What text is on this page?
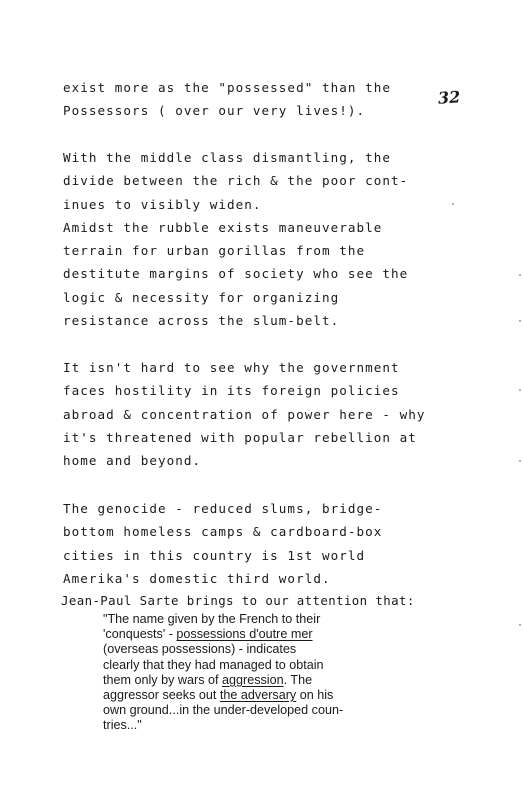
32
exist more as the "possessed" than the
Possessors ( over our very lives!).
With the middle class dismantling, the
divide between the rich & the poor cont-
inues to visibly widen.
Amidst the rubble exists maneuverable
terrain for urban gorillas from the
destitute margins of society who see the
logic & necessity for organizing
resistance across the slum-belt.
It isn't hard to see why the government
faces hostility in its foreign policies
abroad & concentration of power here - why
it's threatened with popular rebellion at
home and beyond.
The genocide - reduced slums, bridge-
bottom homeless camps & cardboard-box
cities in this country is 1st world
Amerika's domestic third world.
Jean-Paul Sarte brings to our attention that:
"The name given by the French to their
'conquests' - possessions d'outre mer
(overseas possessions) - indicates
clearly that they had managed to obtain
them only by wars of aggression. The
aggressor seeks out the adversary on his
own ground...in the under-developed coun-
tries..."
